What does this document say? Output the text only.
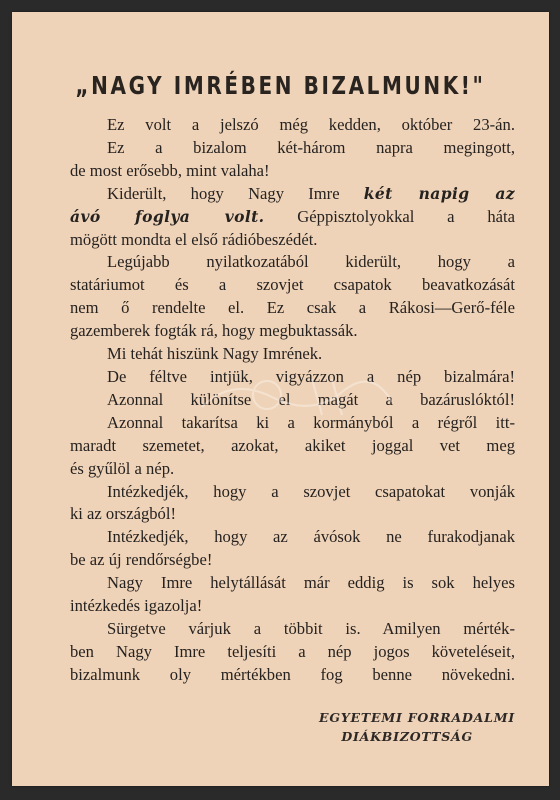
„NAGY IMRÉBEN BIZALMUNK!"
Ez volt a jelszó még kedden, október 23-án.
Ez a bizalom két-három napra megingott,
de most erősebb, mint valaha!
Kiderült, hogy Nagy Imre két napig az
ávó foglya volt. Géppisztolyokkal a háta
mögött mondta el első rádióbeszédét.
Legújabb nyilatkozatából kiderült, hogy a
statáriumot és a szovjet csapatok beavatkozását
nem ő rendelte el. Ez csak a Rákosi—Gerő-féle
gazemberek fogták rá, hogy megbuktassák.
Mi tehát hiszünk Nagy Imrének.
De féltve intjük, vigyázzon a nép bizalmára!
Azonnal különítse el magát a bazáruslóktól!
Azonnal takarítsa ki a kormányból a régről itt-
maradt szemetet, azokat, akiket joggal vet meg
és gyűlöl a nép.
Intézkedjék, hogy a szovjet csapatokat vonják
ki az országból!
Intézkedjék, hogy az ávósok ne furakodjanak
be az új rendőrségbe!
Nagy Imre helytállását már eddig is sok helyes
intézkedés igazolja!
Sürgetve várjuk a többit is. Amilyen mérték-
ben Nagy Imre teljesíti a nép jogos követeléseit,
bizalmunk oly mértékben fog benne növekedni.
EGYETEMI FORRADALMI
DIÁKBIZOTTSÁG
